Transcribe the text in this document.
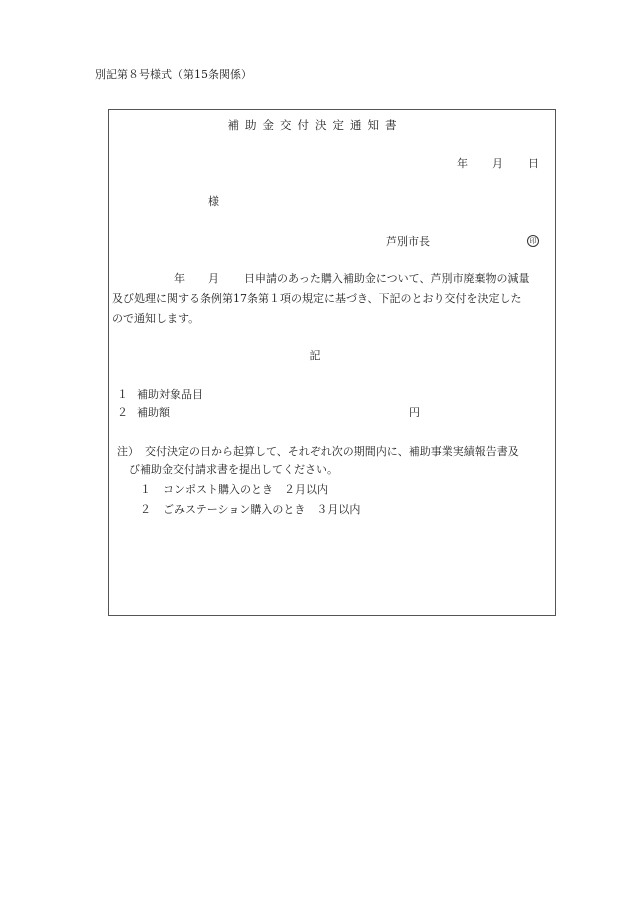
別記第８号様式（第15条関係）
補助金交付決定通知書
年 月 日
様
芦別市長	印
年 月 日申請のあった購入補助金について、芦別市廃棄物の減量
及び処理に関する条例第17条第１項の規定に基づき、下記のとおり交付を決定した
ので通知します。
記
１ 補助対象品目
２ 補助額	円
注） 交付決定の日から起算して、それぞれ次の期間内に、補助事業実績報告書及
び補助金交付請求書を提出してください。
１ コンポスト購入のとき　２月以内
２ ごみステーション購入のとき　３月以内
